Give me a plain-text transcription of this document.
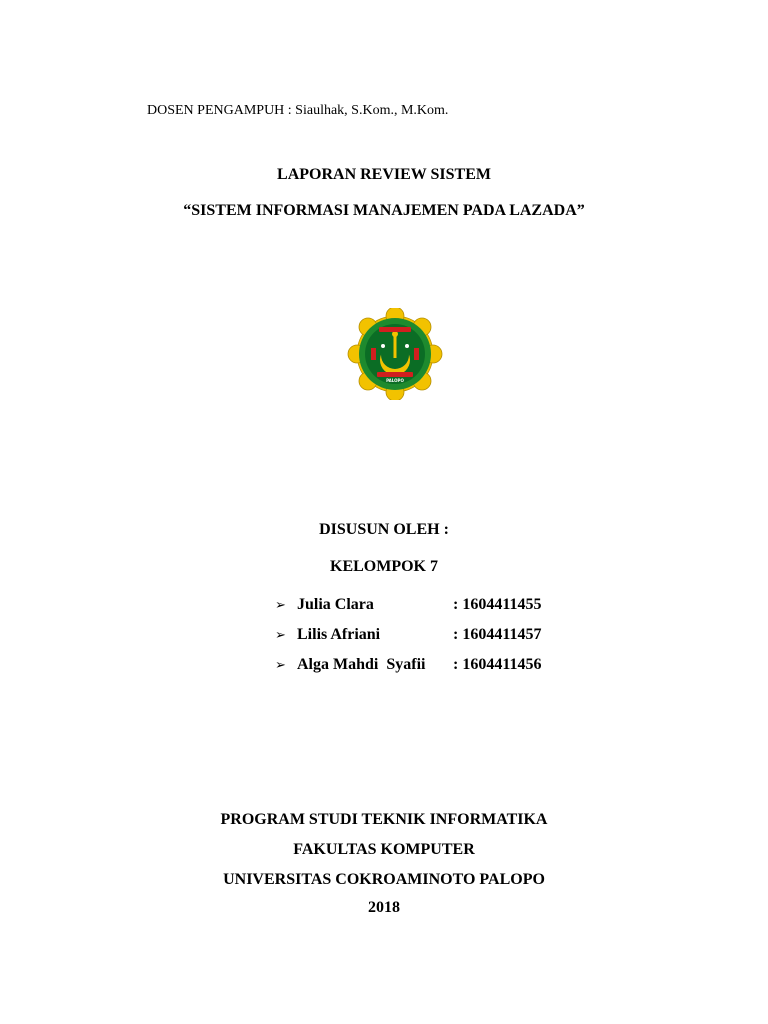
DOSEN PENGAMPUH : Siaulhak, S.Kom., M.Kom.

LAPORAN REVIEW SISTEM

“SISTEM INFORMASI MANAJEMEN PADA LAZADA”

PALOPO

DISUSUN OLEH :

KELOMPOK 7

➢ Julia Clara	: 1604411455
➢ Lilis Afriani	: 1604411457
➢ Alga Mahdi  Syafii	: 1604411456

PROGRAM STUDI TEKNIK INFORMATIKA

FAKULTAS KOMPUTER

UNIVERSITAS COKROAMINOTO PALOPO

2018
